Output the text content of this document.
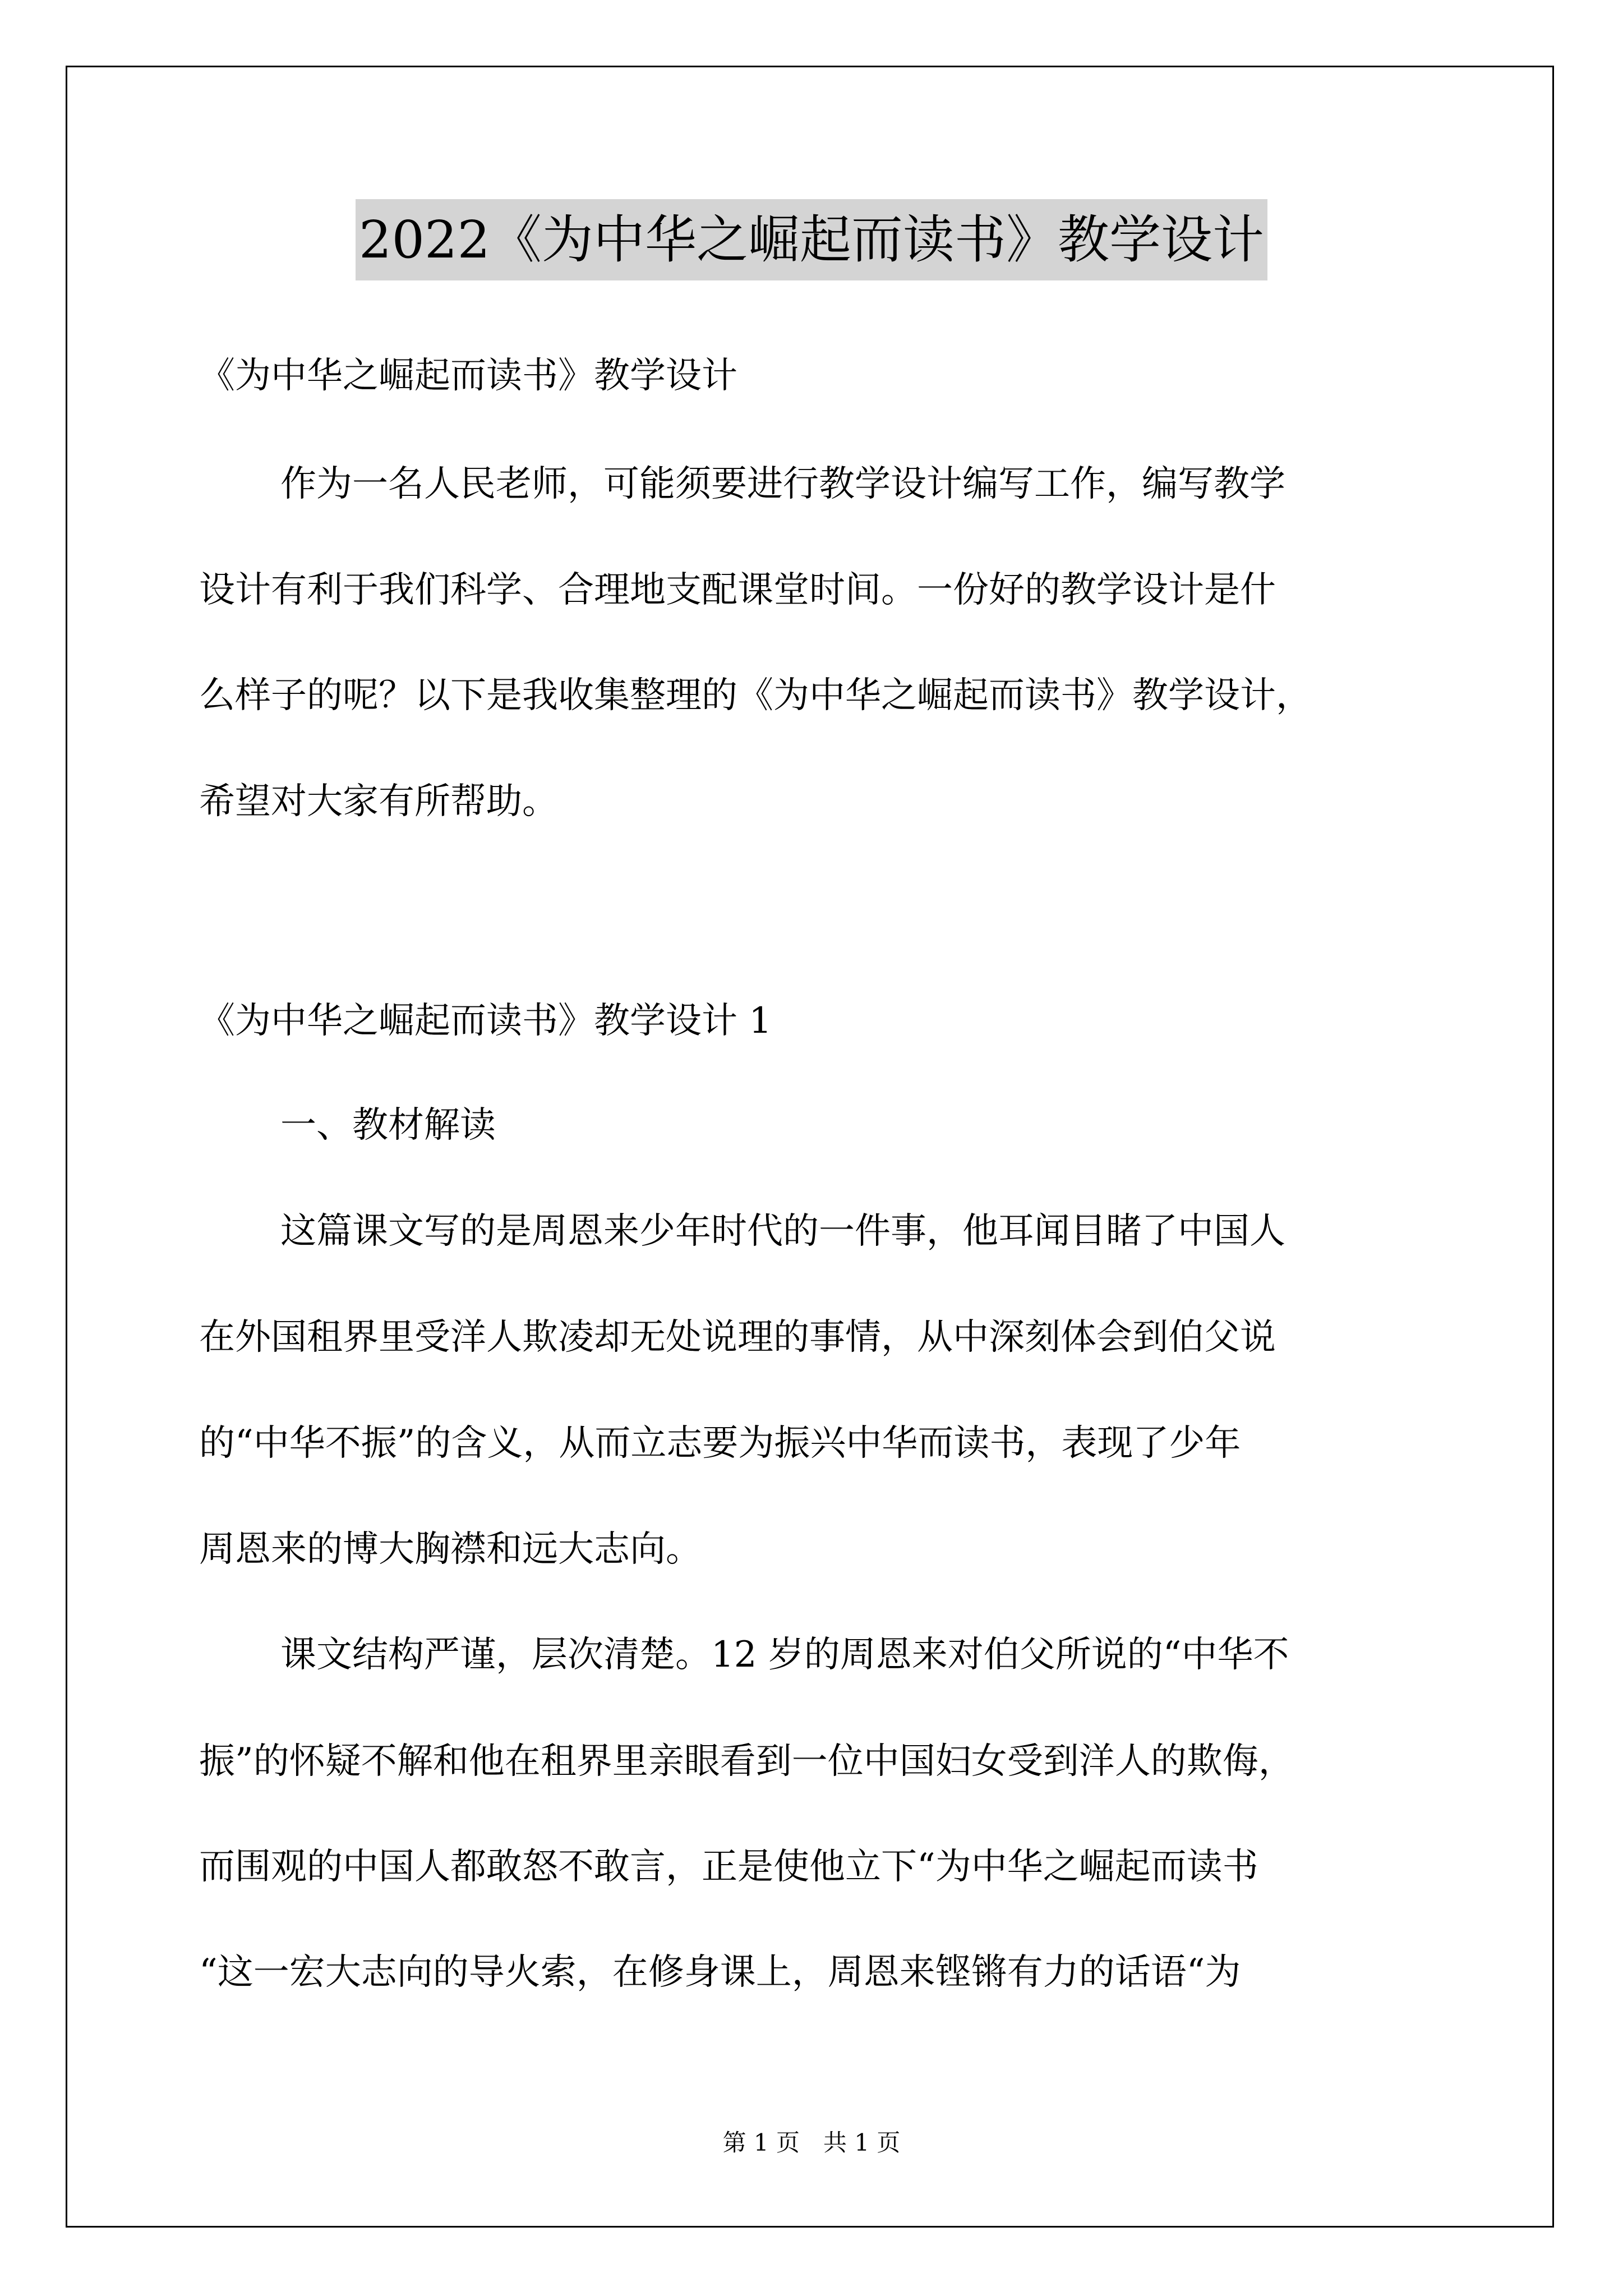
2022《为中华之崛起而读书》教学设计
《为中华之崛起而读书》教学设计
作为一名人民老师，可能须要进行教学设计编写工作，编写教学
设计有利于我们科学、合理地支配课堂时间。一份好的教学设计是什
么样子的呢？以下是我收集整理的《为中华之崛起而读书》教学设计，
希望对大家有所帮助。
《为中华之崛起而读书》教学设计 1
一、教材解读
这篇课文写的是周恩来少年时代的一件事，他耳闻目睹了中国人
在外国租界里受洋人欺凌却无处说理的事情，从中深刻体会到伯父说
的“中华不振”的含义，从而立志要为振兴中华而读书，表现了少年
周恩来的博大胸襟和远大志向。
课文结构严谨，层次清楚。12 岁的周恩来对伯父所说的“中华不
振”的怀疑不解和他在租界里亲眼看到一位中国妇女受到洋人的欺侮，
而围观的中国人都敢怒不敢言，正是使他立下“为中华之崛起而读书
“这一宏大志向的导火索，在修身课上，周恩来铿锵有力的话语“为
第 1 页　共 1 页
